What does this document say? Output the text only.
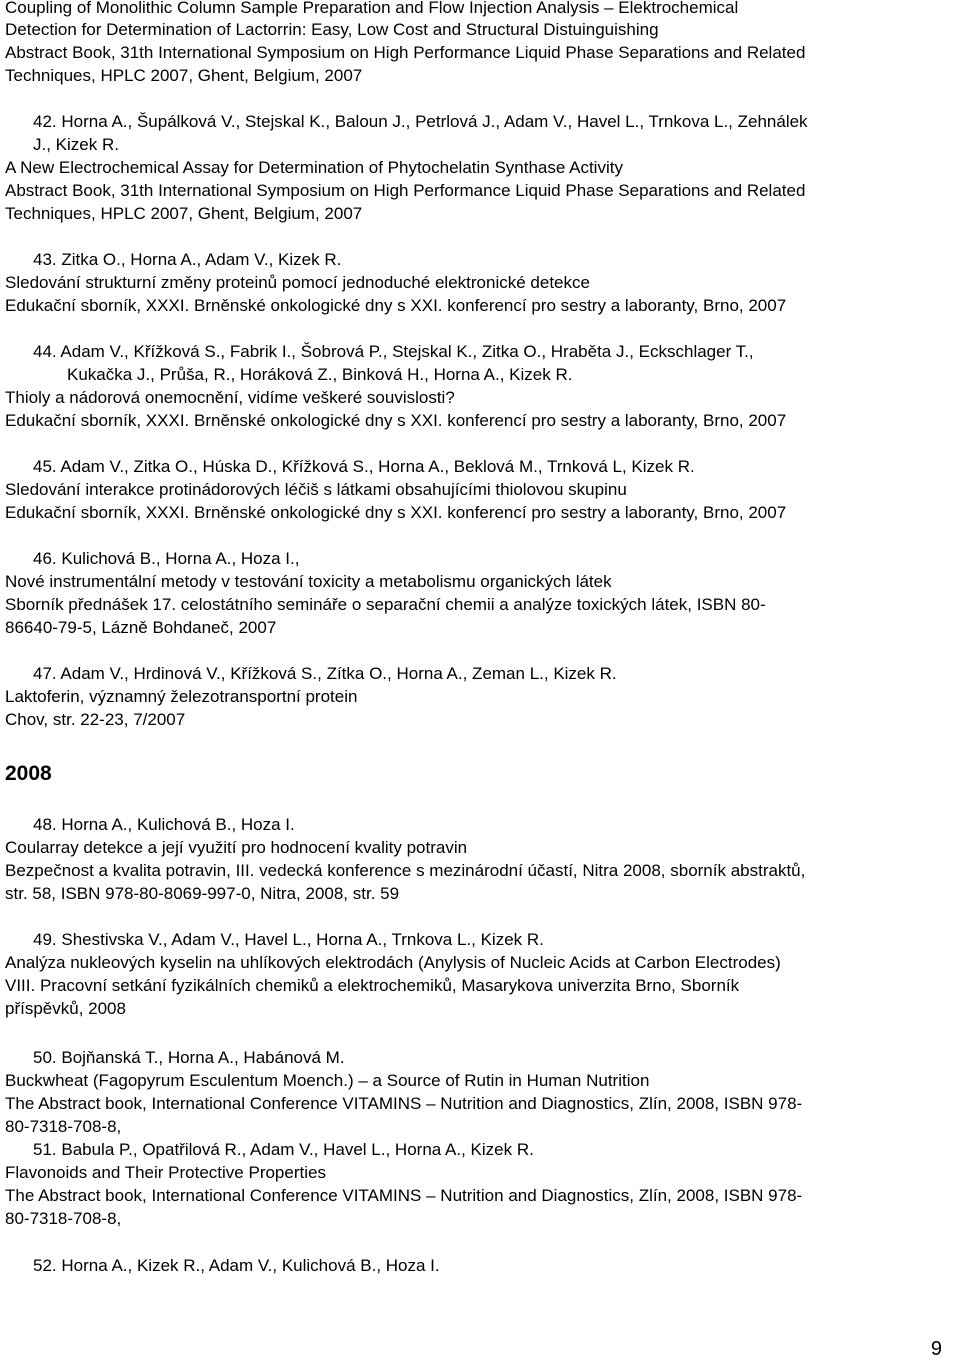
Coupling of Monolithic Column Sample Preparation and Flow Injection Analysis – Elektrochemical
Detection for Determination of Lactorrin: Easy, Low Cost and Structural Distuinguishing
Abstract Book, 31th International Symposium on High Performance Liquid Phase Separations and Related
Techniques, HPLC 2007, Ghent, Belgium, 2007
42. Horna A., Šupálková V., Stejskal K., Baloun J., Petrlová J., Adam V., Havel L., Trnkova L., Zehnálek
J., Kizek R.
A New Electrochemical Assay for Determination of Phytochelatin Synthase Activity
Abstract Book, 31th International Symposium on High Performance Liquid Phase Separations and Related
Techniques, HPLC 2007, Ghent, Belgium, 2007
43. Zitka O., Horna A., Adam V., Kizek R.
Sledování strukturní změny proteinů pomocí jednoduché elektronické detekce
Edukační sborník, XXXI. Brněnské onkologické dny s XXI. konferencí pro sestry a laboranty, Brno, 2007
44. Adam V., Křížková S., Fabrik I., Šobrová P., Stejskal K., Zitka O., Hraběta J., Eckschlager T.,
Kukačka J., Průša, R., Horáková Z., Binková H., Horna A., Kizek R.
Thioly a nádorová onemocnění, vidíme veškeré souvislosti?
Edukační sborník, XXXI. Brněnské onkologické dny s XXI. konferencí pro sestry a laboranty, Brno, 2007
45. Adam V., Zitka O., Húska D., Křížková S., Horna A., Beklová M., Trnková L, Kizek R.
Sledování interakce protinádorových léčiš s látkami obsahujícími thiolovou skupinu
Edukační sborník, XXXI. Brněnské onkologické dny s XXI. konferencí pro sestry a laboranty, Brno, 2007
46. Kulichová B., Horna A., Hoza I.,
Nové instrumentální metody v testování toxicity a metabolismu organických látek
Sborník přednášek 17. celostátního semináře o separační chemii a analýze toxických látek, ISBN 80-
86640-79-5, Lázně Bohdaneč, 2007
47. Adam V., Hrdinová V., Křížková S., Zítka O., Horna A., Zeman L., Kizek R.
Laktoferin, významný železotransportní protein
Chov, str. 22-23, 7/2007
48. Horna A., Kulichová B., Hoza I.
Coularray detekce a její využití pro hodnocení kvality potravin
Bezpečnost a kvalita potravin, III. vedecká konference s mezinárodní účastí, Nitra 2008, sborník abstraktů,
str. 58, ISBN 978-80-8069-997-0, Nitra, 2008, str. 59
49. Shestivska V., Adam V., Havel L., Horna A., Trnkova L., Kizek R.
Analýza nukleových kyselin na uhlíkových elektrodách (Anylysis of Nucleic Acids at Carbon Electrodes)
VIII. Pracovní setkání fyzikálních chemiků a elektrochemiků, Masarykova univerzita Brno, Sborník
příspěvků, 2008
50. Bojňanská T., Horna A., Habánová M.
Buckwheat (Fagopyrum Esculentum Moench.) – a Source of Rutin in Human Nutrition
The Abstract book, International Conference VITAMINS – Nutrition and Diagnostics, Zlín, 2008, ISBN 978-
80-7318-708-8,
51. Babula P., Opatřilová R., Adam V., Havel L., Horna A., Kizek R.
Flavonoids and Their Protective Properties
The Abstract book, International Conference VITAMINS – Nutrition and Diagnostics, Zlín, 2008, ISBN 978-
80-7318-708-8,
52. Horna A., Kizek R., Adam V., Kulichová B., Hoza I.
2008
9
